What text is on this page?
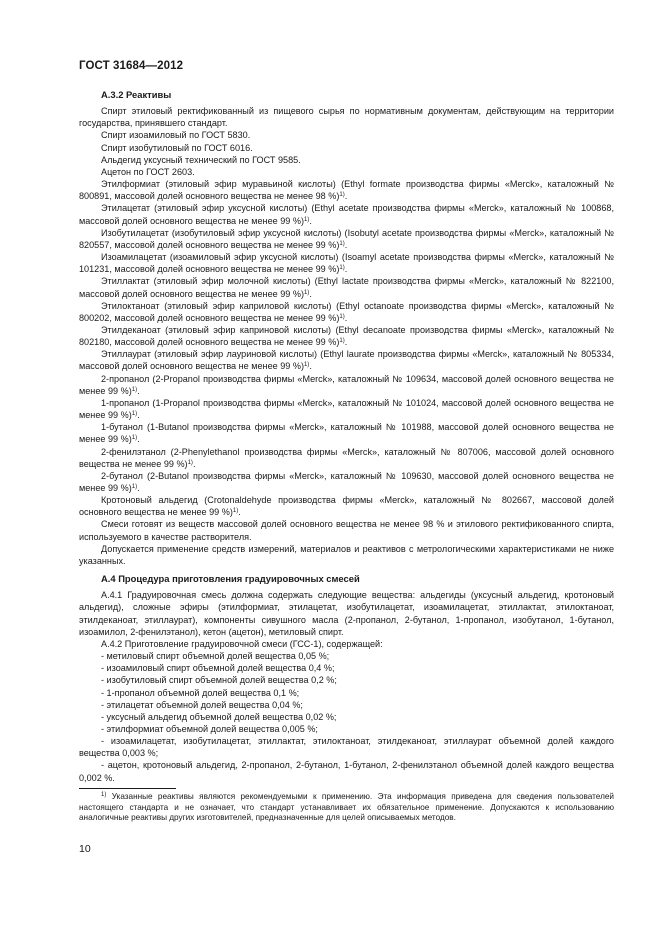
ГОСТ 31684—2012

А.3.2 Реактивы

Спирт этиловый ректификованный из пищевого сырья по нормативным документам, действующим на территории государства, принявшего стандарт.

Спирт изоамиловый по ГОСТ 5830.

Спирт изобутиловый по ГОСТ 6016.

Альдегид уксусный технический по ГОСТ 9585.

Ацетон по ГОСТ 2603.

Этилформиат (этиловый эфир муравьиной кислоты) (Ethyl formate производства фирмы «Merck», каталожный № 800891, массовой долей основного вещества не менее 98 %)$^{1)}$.

Этилацетат (этиловый эфир уксусной кислоты) (Ethyl acetate производства фирмы «Merck», каталожный № 100868, массовой долей основного вещества не менее 99 %)$^{1)}$.

Изобутилацетат (изобутиловый эфир уксусной кислоты) (Isobutyl acetate производства фирмы «Merck», каталожный № 820557, массовой долей основного вещества не менее 99 %)$^{1)}$.

Изоамилацетат (изоамиловый эфир уксусной кислоты) (Isoamyl acetate производства фирмы «Merck», каталожный № 101231, массовой долей основного вещества не менее 99 %)$^{1)}$.

Этиллактат (этиловый эфир молочной кислоты) (Ethyl lactate производства фирмы «Merck», каталожный № 822100, массовой долей основного вещества не менее 99 %)$^{1)}$.

Этилоктаноат (этиловый эфир каприловой кислоты) (Ethyl octanoate производства фирмы «Merck», каталожный № 800202, массовой долей основного вещества не менее 99 %)$^{1)}$.

Этилдеканоат (этиловый эфир каприновой кислоты) (Ethyl decanoate производства фирмы «Merck», каталожный № 802180, массовой долей основного вещества не менее 99 %)$^{1)}$.

Этиллаурат (этиловый эфир лауриновой кислоты) (Ethyl laurate производства фирмы «Merck», каталожный № 805334, массовой долей основного вещества не менее 99 %)$^{1)}$.

2-пропанол (2-Propanol производства фирмы «Merck», каталожный № 109634, массовой долей основного вещества не менее 99 %)$^{1)}$.

1-пропанол (1-Propanol производства фирмы «Merck», каталожный № 101024, массовой долей основного вещества не менее 99 %)$^{1)}$.

1-бутанол (1-Butanol производства фирмы «Merck», каталожный № 101988, массовой долей основного вещества не менее 99 %)$^{1)}$.

2-фенилэтанол (2-Phenylethanol производства фирмы «Merck», каталожный № 807006, массовой долей основного вещества не менее 99 %)$^{1)}$.

2-бутанол (2-Butanol производства фирмы «Merck», каталожный № 109630, массовой долей основного вещества не менее 99 %)$^{1)}$.

Кротоновый альдегид (Crotonaldehyde производства фирмы «Merck», каталожный № 802667, массовой долей основного вещества не менее 99 %)$^{1)}$.

Смеси готовят из веществ массовой долей основного вещества не менее 98 % и этилового ректификованного спирта, используемого в качестве растворителя.

Допускается применение средств измерений, материалов и реактивов с метрологическими характеристиками не ниже указанных.

А.4 Процедура приготовления градуировочных смесей

А.4.1 Градуировочная смесь должна содержать следующие вещества: альдегиды (уксусный альдегид, кротоновый альдегид), сложные эфиры (этилформиат, этилацетат, изобутилацетат, изоамилацетат, этиллактат, этилоктаноат, этилдеканоат, этиллаурат), компоненты сивушного масла (2-пропанол, 2-бутанол, 1-пропанол, изобутанол, 1-бутанол, изоамилол, 2-фенилэтанол), кетон (ацетон), метиловый спирт.

А.4.2 Приготовление градуировочной смеси (ГСС-1), содержащей:

- метиловый спирт объемной долей вещества 0,05 %;

- изоамиловый спирт объемной долей вещества 0,4 %;

- изобутиловый спирт объемной долей вещества 0,2 %;

- 1-пропанол объемной долей вещества 0,1 %;

- этилацетат объемной долей вещества 0,04 %;

- уксусный альдегид объемной долей вещества 0,02 %;

- этилформиат объемной долей вещества 0,005 %;

- изоамилацетат, изобутилацетат, этиллактат, этилоктаноат, этилдеканоат, этиллаурат объемной долей каждого вещества 0,003 %;

- ацетон, кротоновый альдегид, 2-пропанол, 2-бутанол, 1-бутанол, 2-фенилэтанол объемной долей каждого вещества 0,002 %.

$^{1)}$ Указанные реактивы являются рекомендуемыми к применению. Эта информация приведена для сведения пользователей настоящего стандарта и не означает, что стандарт устанавливает их обязательное применение. Допускаются к использованию аналогичные реактивы других изготовителей, предназначенные для целей описываемых методов.
10
